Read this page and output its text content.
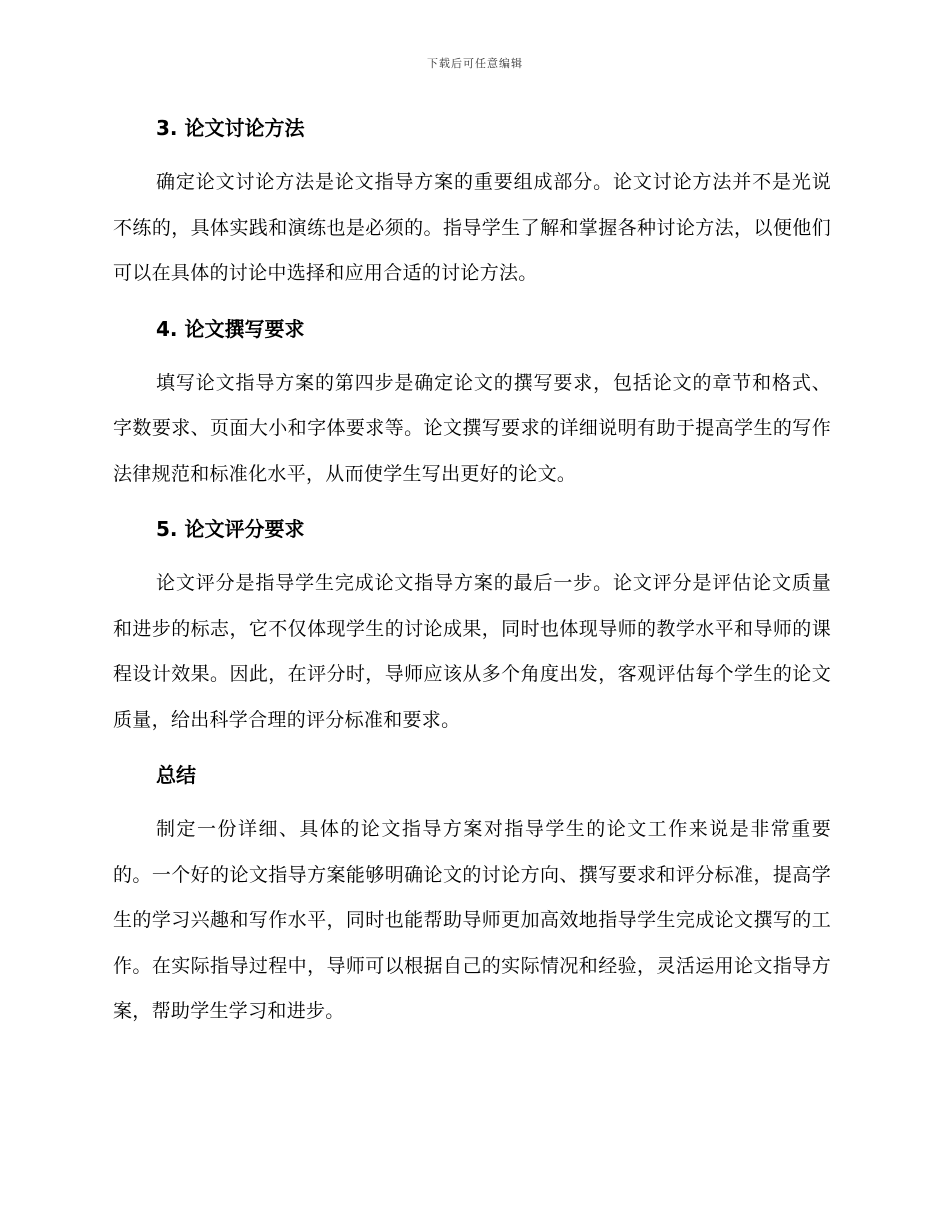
下载后可任意编辑
3. 论文讨论方法

确定论文讨论方法是论文指导方案的重要组成部分。论文讨论方法并不是光说不练的，具体实践和演练也是必须的。指导学生了解和掌握各种讨论方法，以便他们可以在具体的讨论中选择和应用合适的讨论方法。

4. 论文撰写要求

填写论文指导方案的第四步是确定论文的撰写要求，包括论文的章节和格式、字数要求、页面大小和字体要求等。论文撰写要求的详细说明有助于提高学生的写作法律规范和标准化水平，从而使学生写出更好的论文。

5. 论文评分要求

论文评分是指导学生完成论文指导方案的最后一步。论文评分是评估论文质量和进步的标志，它不仅体现学生的讨论成果，同时也体现导师的教学水平和导师的课程设计效果。因此，在评分时，导师应该从多个角度出发，客观评估每个学生的论文质量，给出科学合理的评分标准和要求。

总结

制定一份详细、具体的论文指导方案对指导学生的论文工作来说是非常重要的。一个好的论文指导方案能够明确论文的讨论方向、撰写要求和评分标准，提高学生的学习兴趣和写作水平，同时也能帮助导师更加高效地指导学生完成论文撰写的工作。在实际指导过程中，导师可以根据自己的实际情况和经验，灵活运用论文指导方案，帮助学生学习和进步。
